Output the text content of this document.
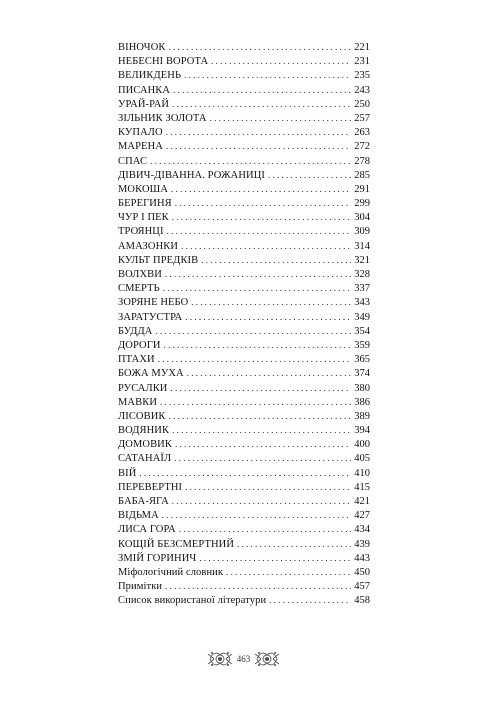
ВІНОЧОК . . .	221
НЕБЕСНІ ВОРОТА . . .	231
ВЕЛИКДЕНЬ . . .	235
ПИСАНКА . . .	243
УРАЙ-РАЙ . . .	250
ЗІЛЬНИК ЗОЛОТА . . .	257
КУПАЛО . . .	263
МАРЕНА . . .	272
СПАС . . .	278
ДІВИЧ-ДІВАННА. РОЖАНИЦІ . . .	285
МОКОША . . .	291
БЕРЕГИНЯ . . .	299
ЧУР І ПЕК . . .	304
ТРОЯНЦІ . . .	309
АМАЗОНКИ . . .	314
КУЛЬТ ПРЕДКІВ . . .	321
ВОЛХВИ . . .	328
СМЕРТЬ . . .	337
ЗОРЯНЕ НЕБО . . .	343
ЗАРАТУСТРА . . .	349
БУДДА . . .	354
ДОРОГИ . . .	359
ПТАХИ . . .	365
БОЖА МУХА . . .	374
РУСАЛКИ . . .	380
МАВКИ . . .	386
ЛІСОВИК . . .	389
ВОДЯНИК . . .	394
ДОМОВИК . . .	400
САТАНАЇЛ . . .	405
ВІЙ . . .	410
ПЕРЕВЕРТНІ . . .	415
БАБА-ЯГА . . .	421
ВІДЬМА . . .	427
ЛИСА ГОРА . . .	434
КОЩІЙ БЕЗСМЕРТНИЙ . . .	439
ЗМІЙ ГОРИНИЧ . . .	443
Міфологічний словник . . .	450
Примітки . . .	457
Список використаної літератури . . .	458
463
